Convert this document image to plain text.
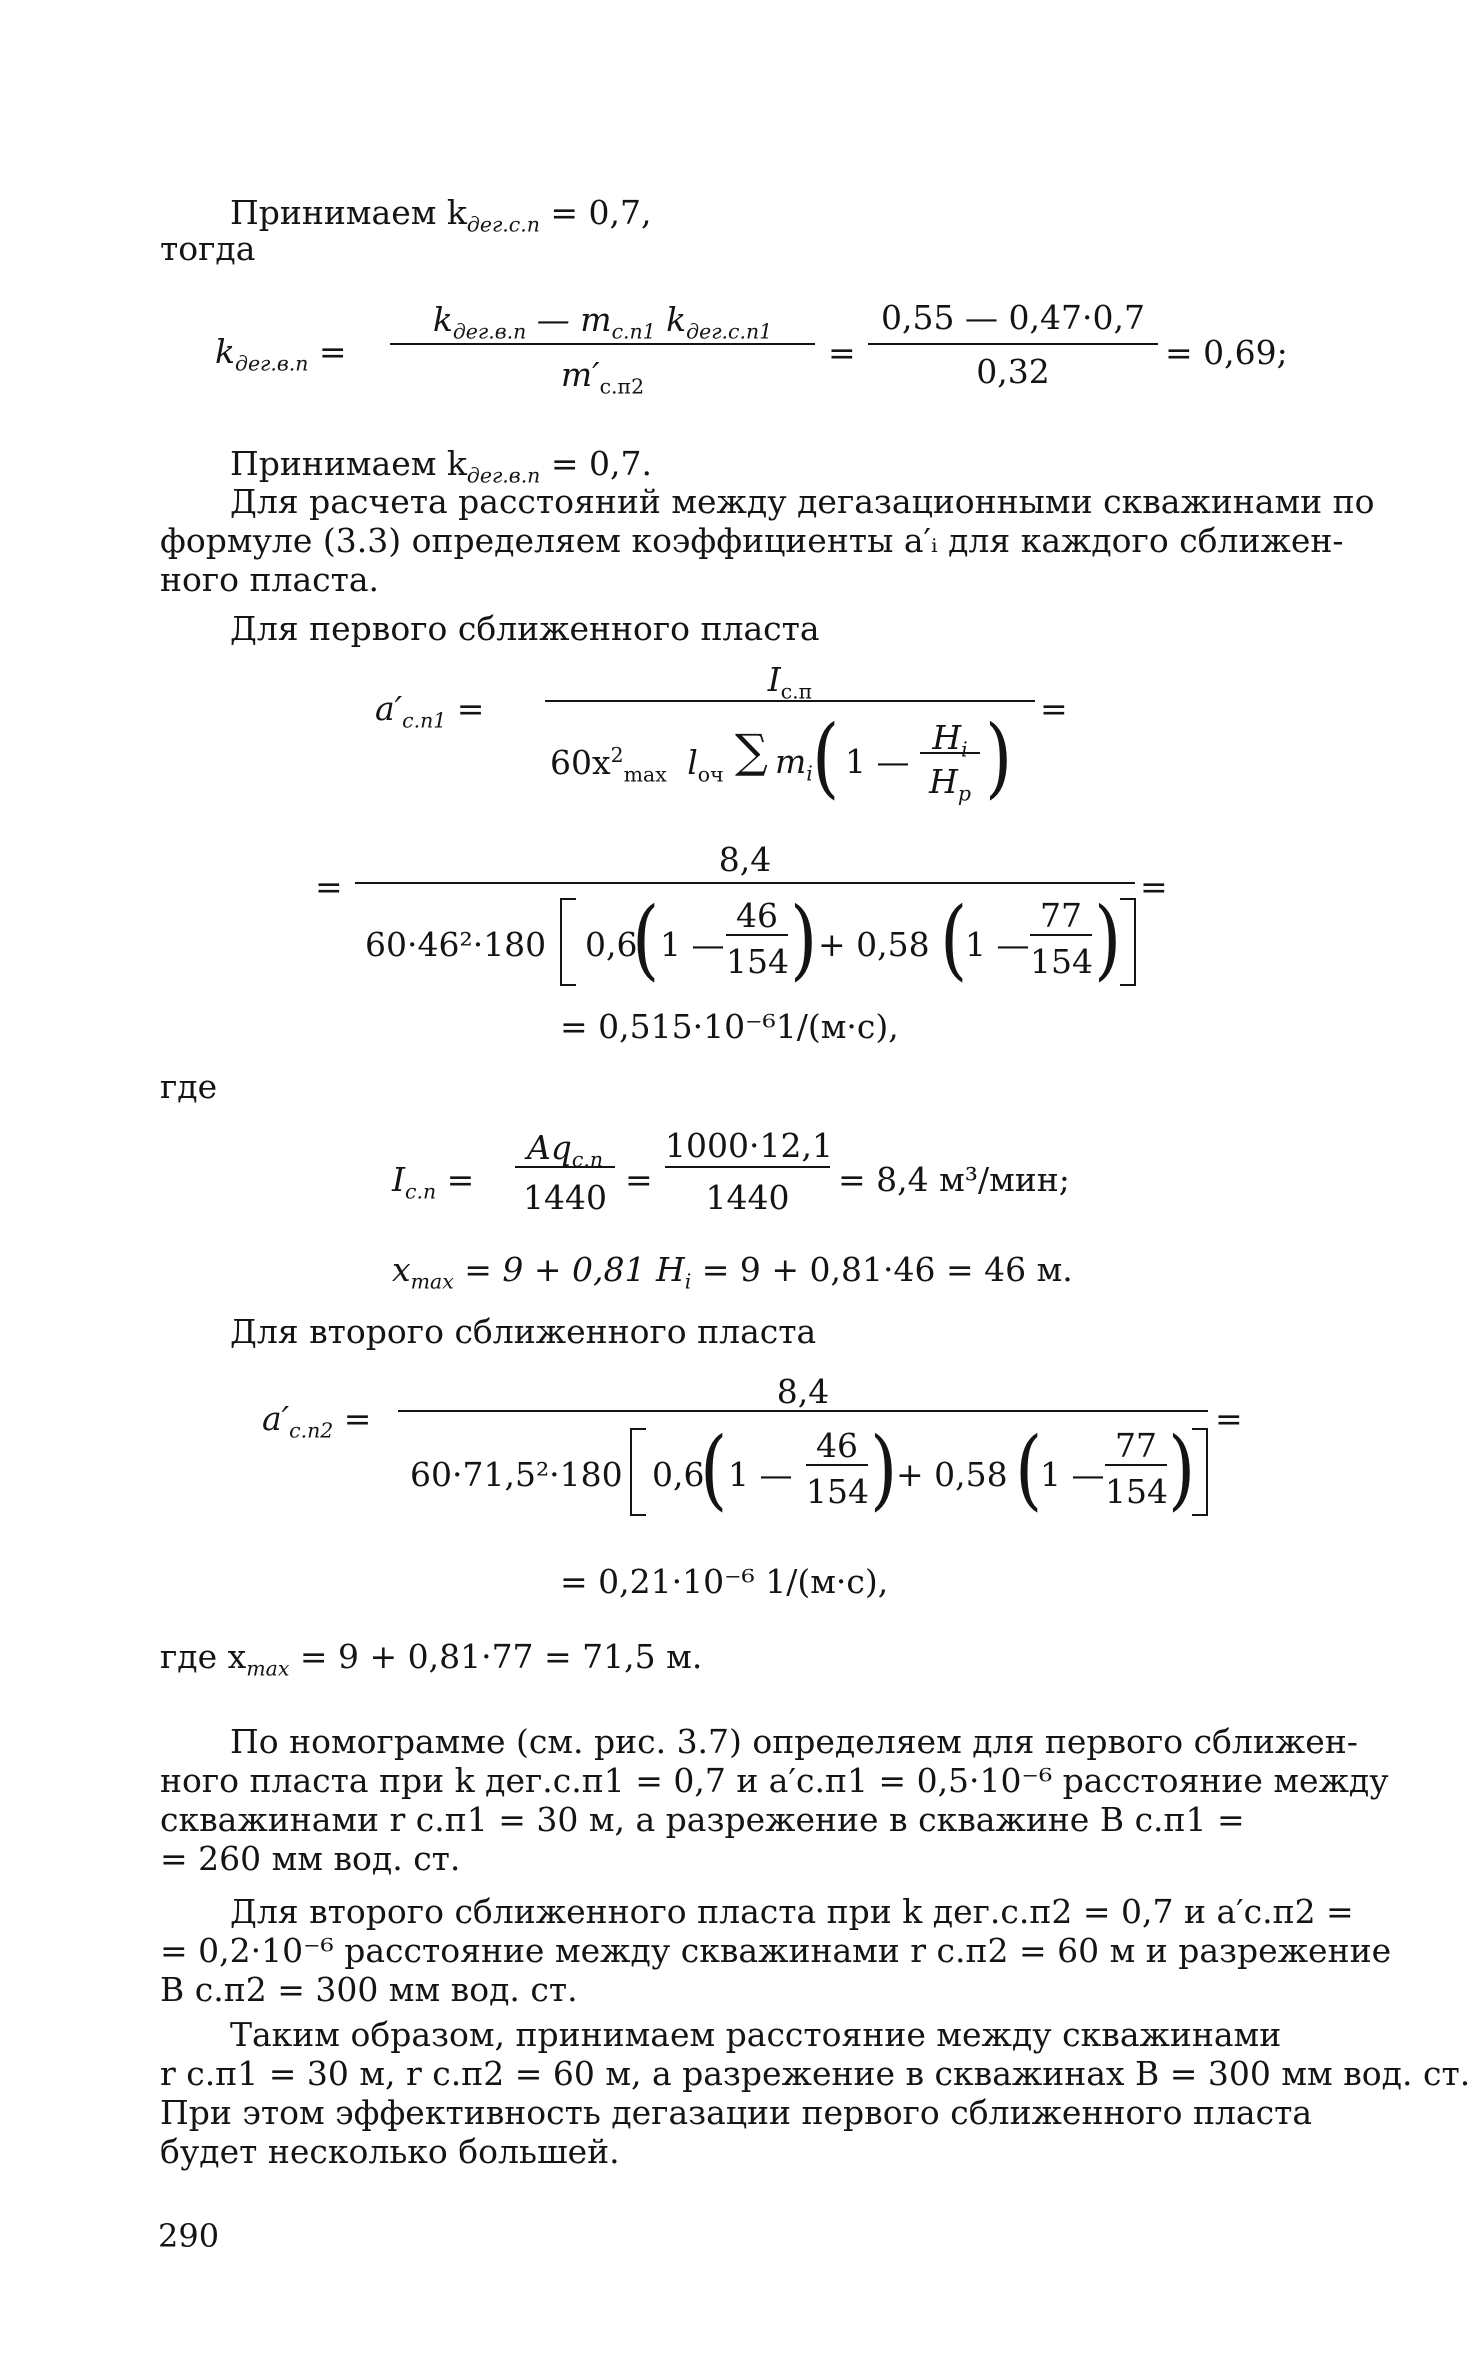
Принимаем $k_{дег.с.п} = 0,7$,
тогда
$k_{дег.в.п}$ =
$k_{дег.в.п}$ — $m_{с.п1}$ $k_{дег.с.п1}$
$m'_{с.п2}$
=
0,55 — 0,47·0,7
0,32	= 0,69;
Принимаем $k_{дег.в.п} = 0,7$.
Для расчета расстояний между дегазационными скважинами по
формуле (3.3) определяем коэффициенты a′ᵢ для каждого сближен-
ного пласта.
Для первого сближенного пласта
$a'_{с.п1}$ =
$I_{с.п}$
$60x^2_{max}$ $l_{оч}$ ∑ $m_i$ ( 1 —
$H_i$
$H_р$ ) =
=
8,4
60·46²·180 0,6
( 1 —
46
154 ) + 0,58 (
1 —
77
154 )
=
= 0,515·10⁻⁶1/(м·с),
где
$I_{с.п}$ =
$Aq_{с.п}$
1440 =
1000·12,1
1440	= 8,4 м³/мин;
$x_{max} = 9 + 0,81$ $H_i = 9 + 0,81\cdot 46 = 46$ м.
Для второго сближенного пласта
$a'_{с.п2}$ =
8,4
60·71,5²·180 0,6
( 1 —
46
154 )
+ 0,58 (
1 —
77
154 ) =
= 0,21·10⁻⁶ 1/(м·с),
где $x_{max} = 9 + 0,81\cdot 77 = 71,5$ м.
По номограмме (см. рис. 3.7) определяем для первого сближен-
ного пласта при k дег.с.п1 = 0,7 и a′с.п1 = 0,5·10⁻⁶ расстояние между
скважинами r с.п1 = 30 м, а разрежение в скважине B с.п1 =
= 260 мм вод. ст.
Для второго сближенного пласта при k дег.с.п2 = 0,7 и a′с.п2 =
= 0,2·10⁻⁶ расстояние между скважинами r с.п2 = 60 м и разрежение
B с.п2 = 300 мм вод. ст.
Таким образом, принимаем расстояние между скважинами
r с.п1 = 30 м, r с.п2 = 60 м, а разрежение в скважинах B = 300 мм вод. ст.
При этом эффективность дегазации первого сближенного пласта
будет несколько большей.
290
